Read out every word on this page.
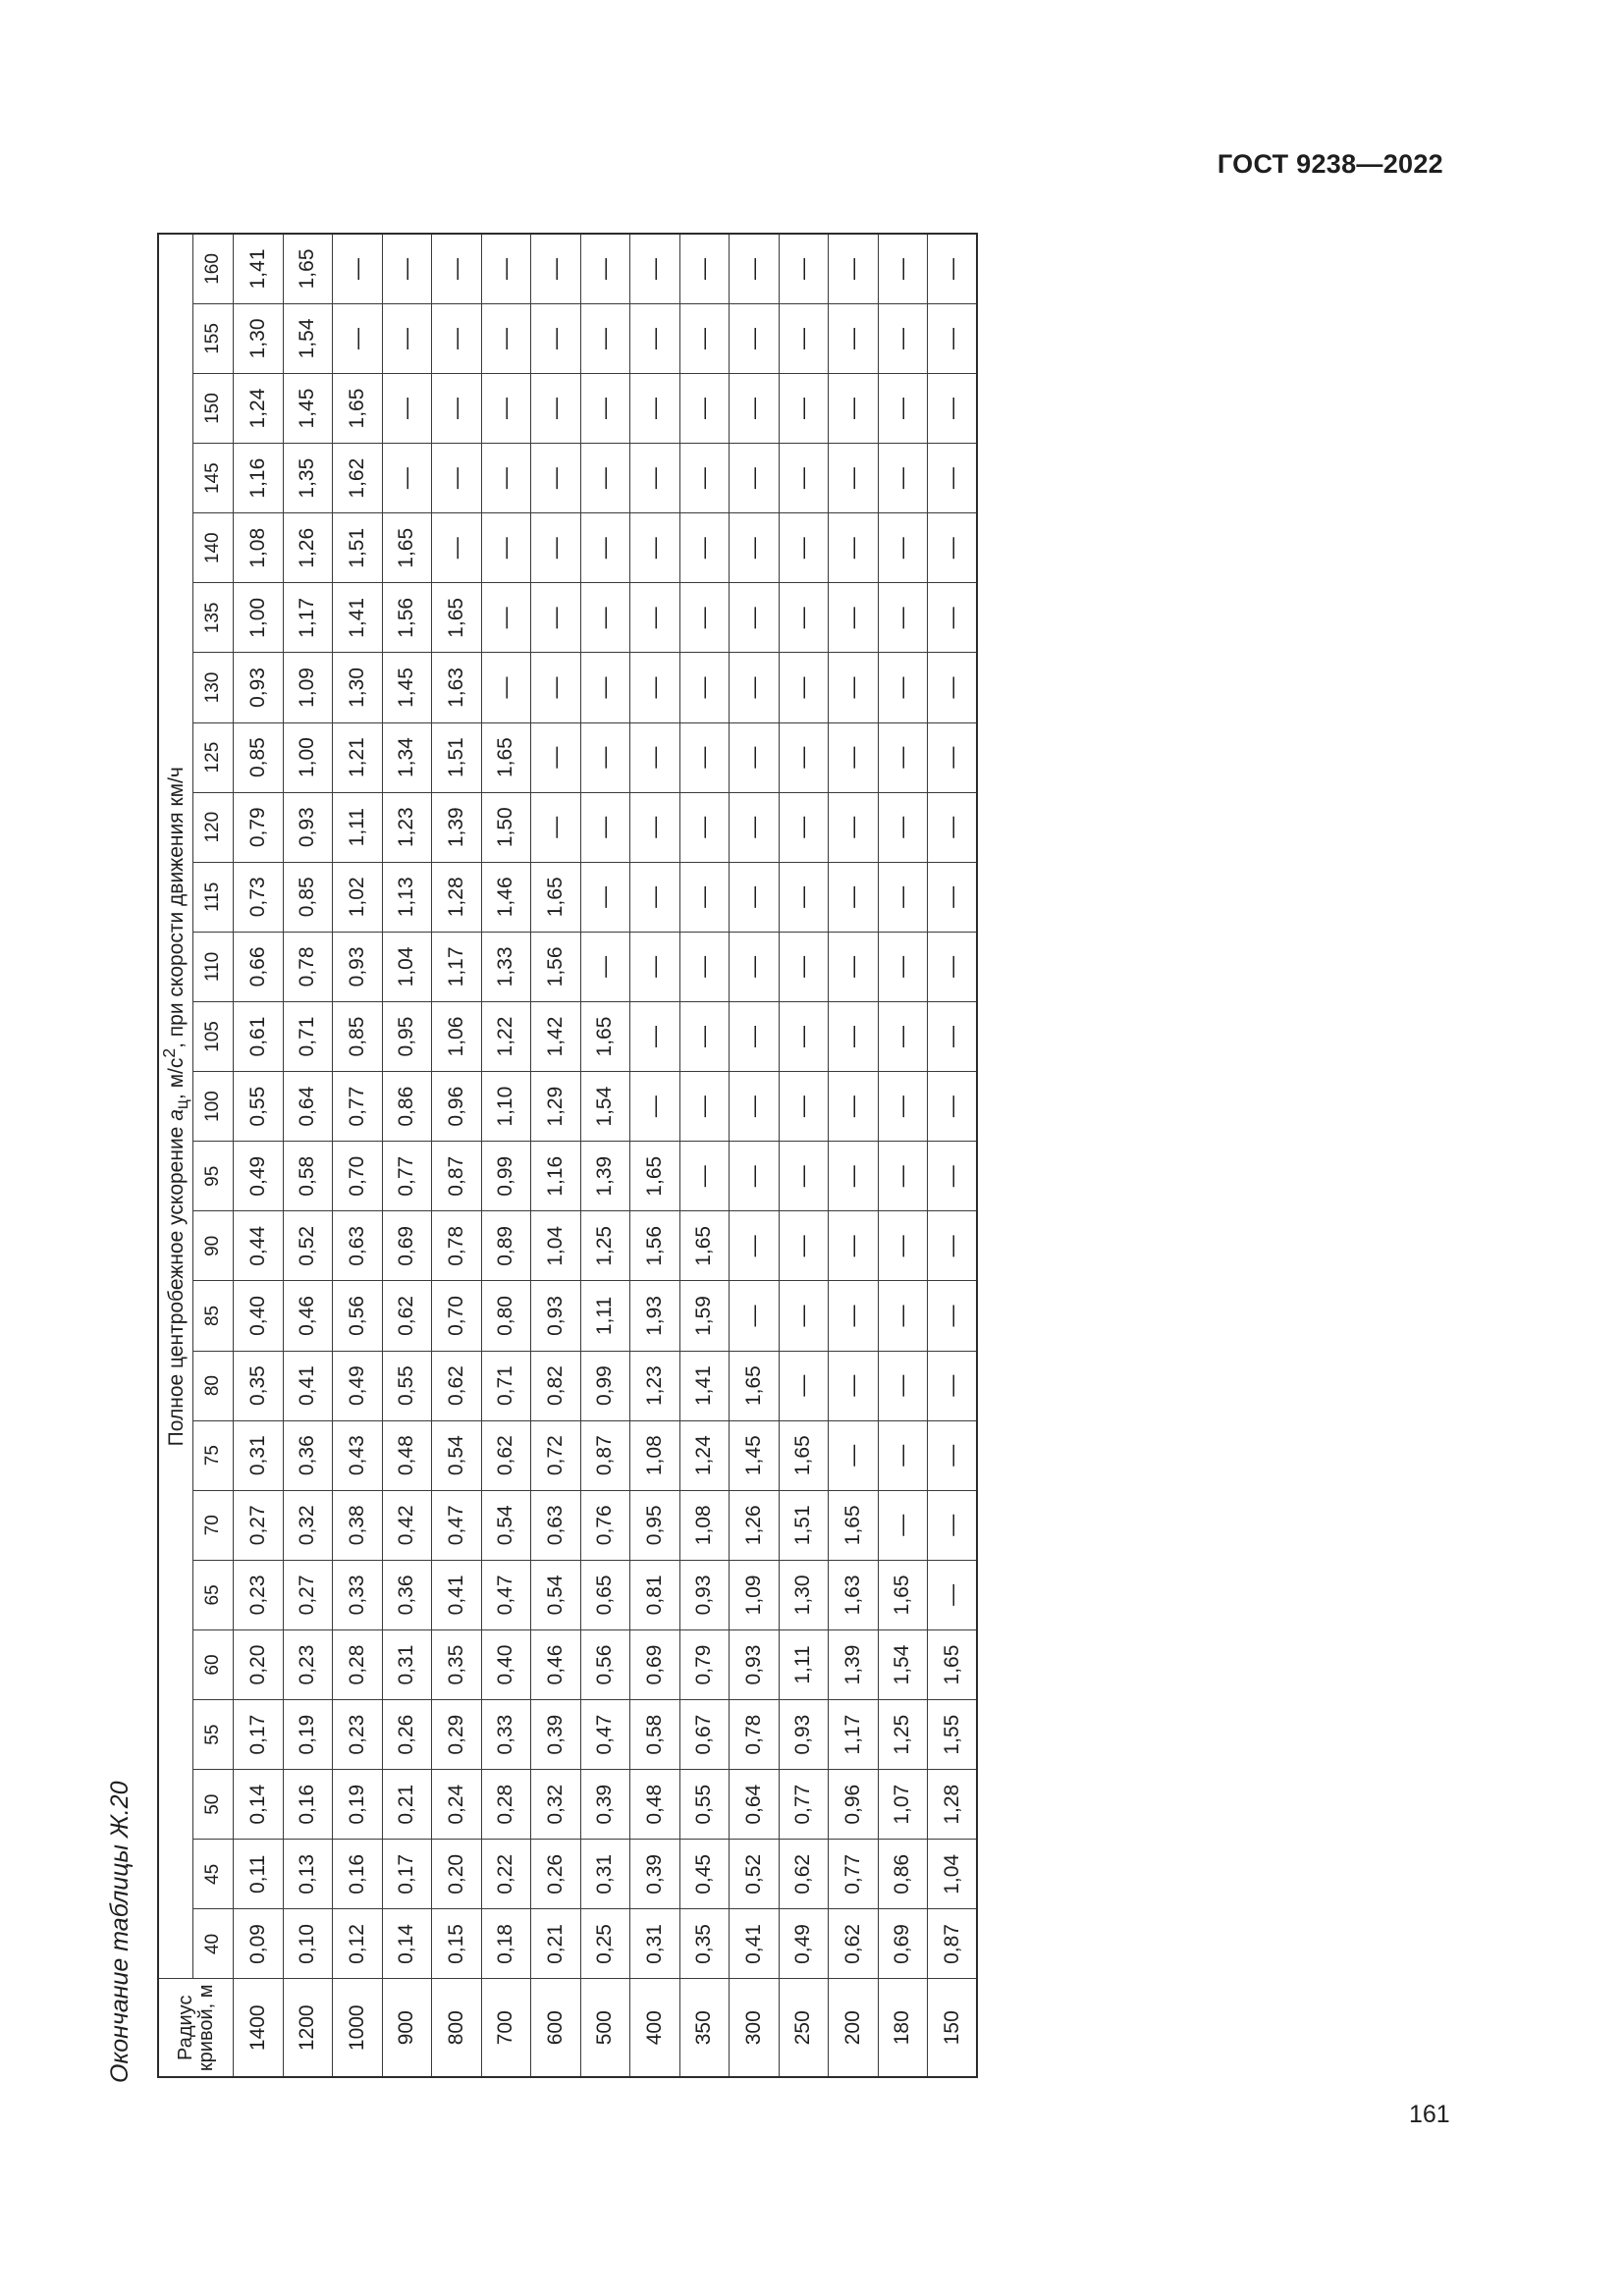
ГОСТ 9238—2022
Окончание таблицы Ж.20 Радиус кривой, м	Полное центробежное ускорение $a_ц$, $м/с^2$, при скорости движения км/ч																								
	40	45	50	55	60	65	70	75	80	85	90	95	100	105	110	115	120	125	130	135	140	145	150	155	160
1400	0,09	0,11	0,14	0,17	0,20	0,23	0,27	0,31	0,35	0,40	0,44	0,49	0,55	0,61	0,66	0,73	0,79	0,85	0,93	1,00	1,08	1,16	1,24	1,30	1,41
1200	0,10	0,13	0,16	0,19	0,23	0,27	0,32	0,36	0,41	0,46	0,52	0,58	0,64	0,71	0,78	0,85	0,93	1,00	1,09	1,17	1,26	1,35	1,45	1,54	1,65
1000	0,12	0,16	0,19	0,23	0,28	0,33	0,38	0,43	0,49	0,56	0,63	0,70	0,77	0,85	0,93	1,02	1,11	1,21	1,30	1,41	1,51	1,62	1,65	—	—
900	0,14	0,17	0,21	0,26	0,31	0,36	0,42	0,48	0,55	0,62	0,69	0,77	0,86	0,95	1,04	1,13	1,23	1,34	1,45	1,56	1,65	—	—	—	—
800	0,15	0,20	0,24	0,29	0,35	0,41	0,47	0,54	0,62	0,70	0,78	0,87	0,96	1,06	1,17	1,28	1,39	1,51	1,63	1,65	—	—	—	—	—
700	0,18	0,22	0,28	0,33	0,40	0,47	0,54	0,62	0,71	0,80	0,89	0,99	1,10	1,22	1,33	1,46	1,50	1,65	—	—	—	—	—	—	—
600	0,21	0,26	0,32	0,39	0,46	0,54	0,63	0,72	0,82	0,93	1,04	1,16	1,29	1,42	1,56	1,65	—	—	—	—	—	—	—	—	—
500	0,25	0,31	0,39	0,47	0,56	0,65	0,76	0,87	0,99	1,11	1,25	1,39	1,54	1,65	—	—	—	—	—	—	—	—	—	—	—
400	0,31	0,39	0,48	0,58	0,69	0,81	0,95	1,08	1,23	1,93	1,56	1,65	—	—	—	—	—	—	—	—	—	—	—	—	—
350	0,35	0,45	0,55	0,67	0,79	0,93	1,08	1,24	1,41	1,59	1,65	—	—	—	—	—	—	—	—	—	—	—	—	—	—
300	0,41	0,52	0,64	0,78	0,93	1,09	1,26	1,45	1,65	—	—	—	—	—	—	—	—	—	—	—	—	—	—	—	—
250	0,49	0,62	0,77	0,93	1,11	1,30	1,51	1,65	—	—	—	—	—	—	—	—	—	—	—	—	—	—	—	—	—
200	0,62	0,77	0,96	1,17	1,39	1,63	1,65	—	—	—	—	—	—	—	—	—	—	—	—	—	—	—	—	—	—
180	0,69	0,86	1,07	1,25	1,54	1,65	—	—	—	—	—	—	—	—	—	—	—	—	—	—	—	—	—	—	—
150	0,87	1,04	1,28	1,55	1,65	—	—	—	—	—	—	—	—	—	—	—	—	—	—	—	—	—	—	—	—
161
